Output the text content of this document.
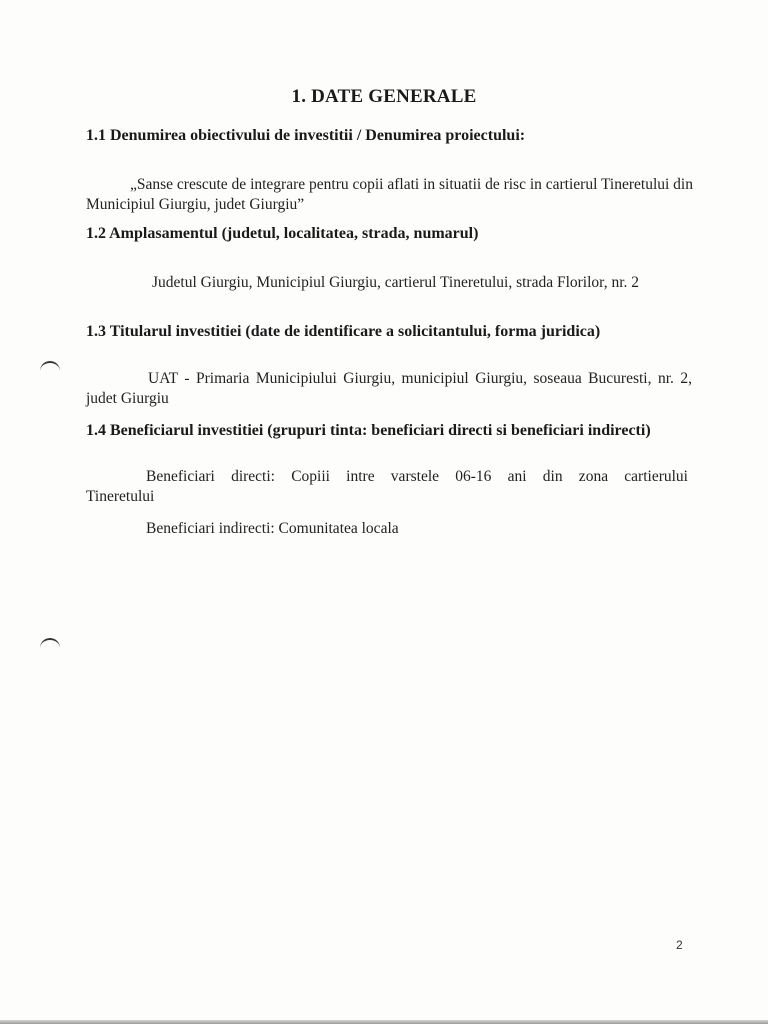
1. DATE GENERALE
1.1 Denumirea obiectivului de investitii / Denumirea proiectului:
„Sanse crescute de integrare pentru copii aflati in situatii de risc in cartierul Tineretului din Municipiul Giurgiu, judet Giurgiu”
1.2 Amplasamentul (judetul, localitatea, strada, numarul)
Judetul Giurgiu, Municipiul Giurgiu, cartierul Tineretului, strada Florilor, nr. 2
1.3 Titularul investitiei (date de identificare a solicitantului, forma juridica)
UAT - Primaria Municipiului Giurgiu, municipiul Giurgiu, soseaua Bucuresti, nr. 2, judet Giurgiu
1.4 Beneficiarul investitiei (grupuri tinta: beneficiari directi si beneficiari indirecti)
Beneficiari directi: Copiii intre varstele 06-16 ani din zona cartierului Tineretului
Beneficiari indirecti: Comunitatea locala
2
